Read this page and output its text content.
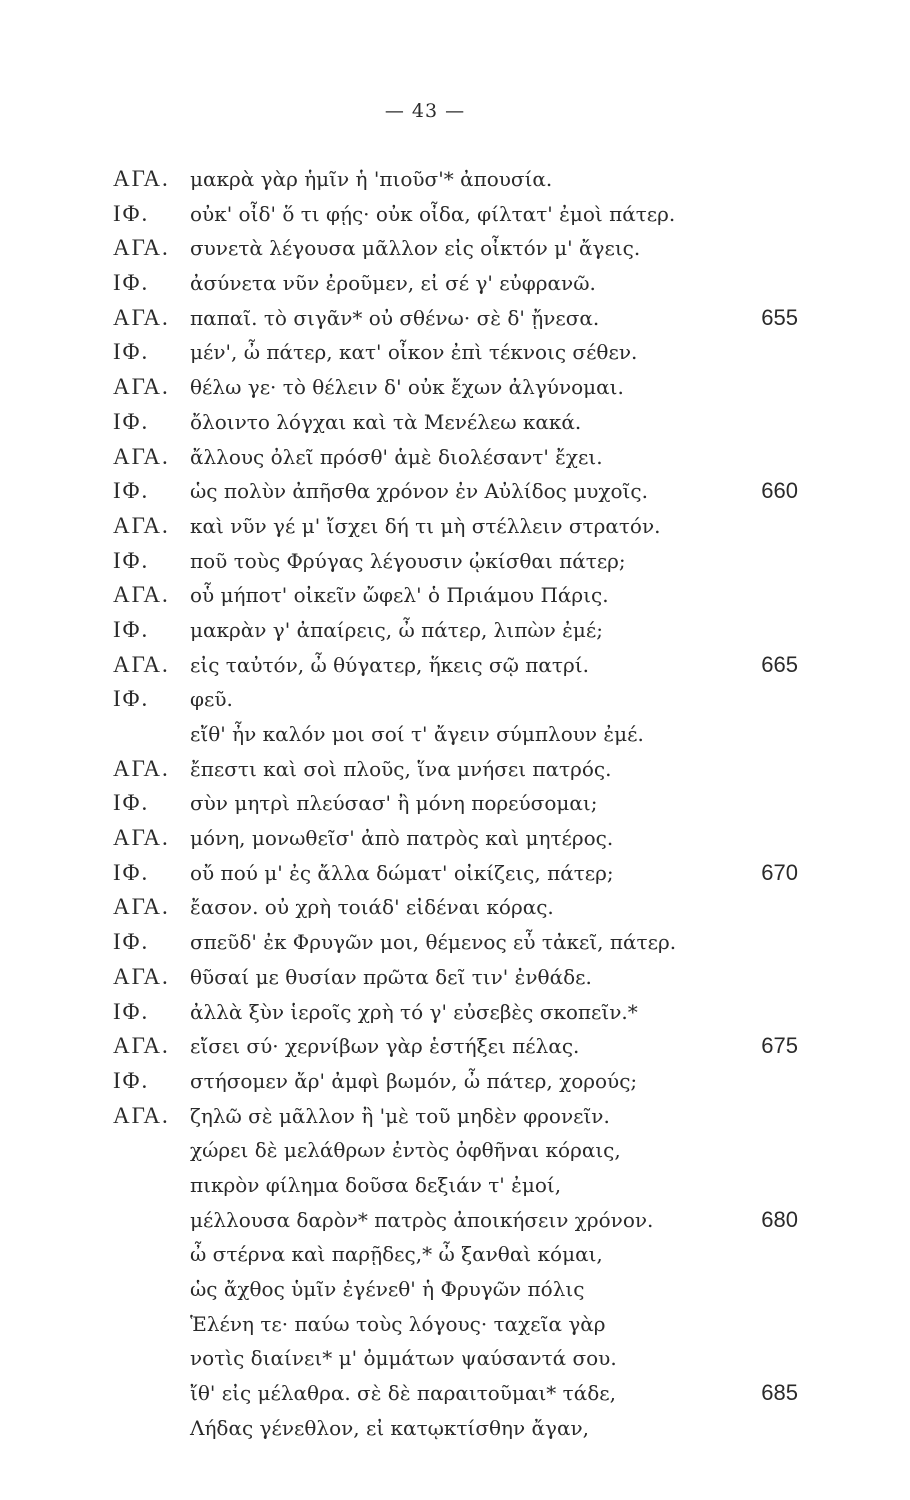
— 43 —
ΑΓΑ. μακρὰ γὰρ ἡμῖν ἡ 'πιοῦσ'* ἀπουσία.
ΙΦ. οὐκ' οἶδ' ὅ τι φῄς· οὐκ οἶδα, φίλτατ' ἐμοὶ πάτερ.
ΑΓΑ. συνετὰ λέγουσα μᾶλλον εἰς οἶκτόν μ' ἄγεις.
ΙΦ. ἀσύνετα νῦν ἐροῦμεν, εἰ σέ γ' εὐφρανῶ.
ΑΓΑ. παπαῖ. τὸ σιγᾶν* οὐ σθένω· σὲ δ' ᾔνεσα.	655
ΙΦ. μέν', ὦ πάτερ, κατ' οἶκον ἐπὶ τέκνοις σέθεν.
ΑΓΑ. θέλω γε· τὸ θέλειν δ' οὐκ ἔχων ἀλγύνομαι.
ΙΦ. ὄλοιντο λόγχαι καὶ τὰ Μενέλεω κακά.
ΑΓΑ. ἄλλους ὀλεῖ πρόσθ' ἁμὲ διολέσαντ' ἔχει.
ΙΦ. ὡς πολὺν ἀπῆσθα χρόνον ἐν Αὐλίδος μυχοῖς.	660
ΑΓΑ. καὶ νῦν γέ μ' ἴσχει δή τι μὴ στέλλειν στρατόν.
ΙΦ. ποῦ τοὺς Φρύγας λέγουσιν ᾠκίσθαι πάτερ;
ΑΓΑ. οὗ μήποτ' οἰκεῖν ὤφελ' ὁ Πριάμου Πάρις.
ΙΦ. μακρὰν γ' ἀπαίρεις, ὦ πάτερ, λιπὼν ἐμέ;
ΑΓΑ. εἰς ταὐτόν, ὦ θύγατερ, ἥκεις σῷ πατρί.	665
ΙΦ. φεῦ.
εἴθ' ἦν καλόν μοι σοί τ' ἄγειν σύμπλουν ἐμέ.
ΑΓΑ. ἔπεστι καὶ σοὶ πλοῦς, ἵνα μνήσει πατρός.
ΙΦ. σὺν μητρὶ πλεύσασ' ἢ μόνη πορεύσομαι;
ΑΓΑ. μόνη, μονωθεῖσ' ἀπὸ πατρὸς καὶ μητέρος.
ΙΦ. οὔ πού μ' ἐς ἄλλα δώματ' οἰκίζεις, πάτερ;	670
ΑΓΑ. ἔασον. οὐ χρὴ τοιάδ' εἰδέναι κόρας.
ΙΦ. σπεῦδ' ἐκ Φρυγῶν μοι, θέμενος εὖ τἀκεῖ, πάτερ.
ΑΓΑ. θῦσαί με θυσίαν πρῶτα δεῖ τιν' ἐνθάδε.
ΙΦ. ἀλλὰ ξὺν ἱεροῖς χρὴ τό γ' εὐσεβὲς σκοπεῖν.*
ΑΓΑ. εἴσει σύ· χερνίβων γὰρ ἑστήξει πέλας.	675
ΙΦ. στήσομεν ἄρ' ἀμφὶ βωμόν, ὦ πάτερ, χορούς;
ΑΓΑ. ζηλῶ σὲ μᾶλλον ἢ 'μὲ τοῦ μηδὲν φρονεῖν.
χώρει δὲ μελάθρων ἐντὸς ὀφθῆναι κόραις,
πικρὸν φίλημα δοῦσα δεξιάν τ' ἐμοί,
μέλλουσα δαρὸν* πατρὸς ἀποικήσειν χρόνον.	680
ὦ στέρνα καὶ παρῇδες,* ὦ ξανθαὶ κόμαι,
ὡς ἄχθος ὑμῖν ἐγένεθ' ἡ Φρυγῶν πόλις
Ἑλένη τε· παύω τοὺς λόγους· ταχεῖα γὰρ
νοτὶς διαίνει* μ' ὀμμάτων ψαύσαντά σου.
ἴθ' εἰς μέλαθρα. σὲ δὲ παραιτοῦμαι* τάδε,	685
Λήδας γένεθλον, εἰ κατῳκτίσθην ἄγαν,
